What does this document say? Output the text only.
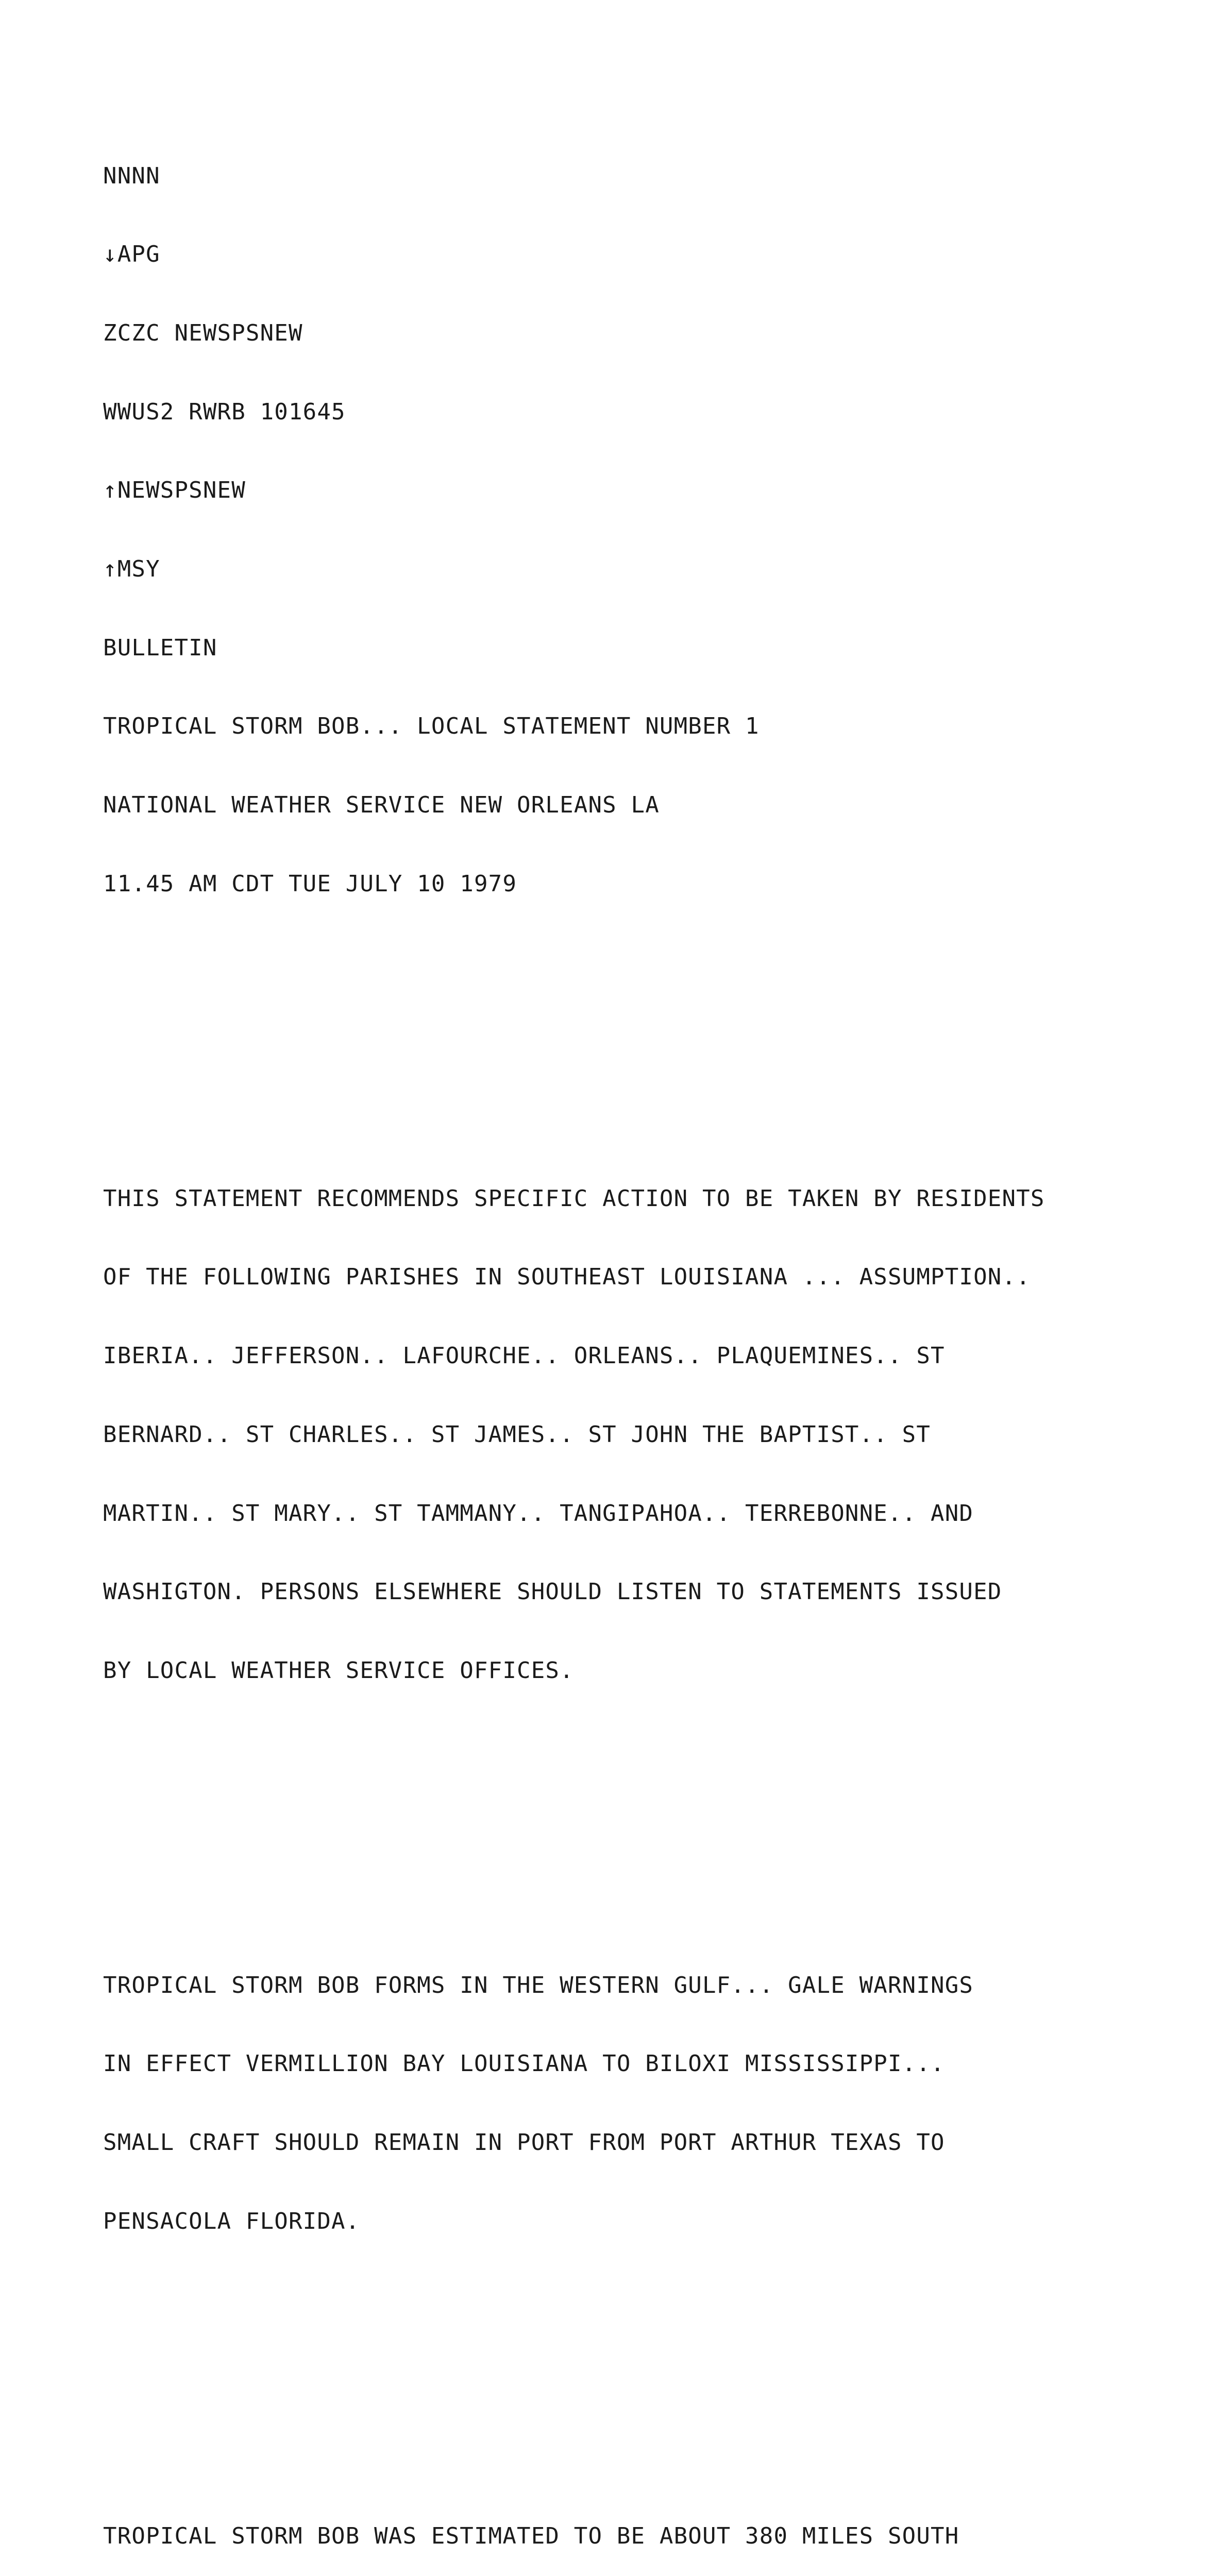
NNNN

↓APG

ZCZC NEWSPSNEW

WWUS2 RWRB 101645

↑NEWSPSNEW

↑MSY

BULLETIN

TROPICAL STORM BOB... LOCAL STATEMENT NUMBER 1

NATIONAL WEATHER SERVICE NEW ORLEANS LA

11.45 AM CDT TUE JULY 10 1979

THIS STATEMENT RECOMMENDS SPECIFIC ACTION TO BE TAKEN BY RESIDENTS

OF THE FOLLOWING PARISHES IN SOUTHEAST LOUISIANA ... ASSUMPTION..

IBERIA.. JEFFERSON.. LAFOURCHE.. ORLEANS.. PLAQUEMINES.. ST

BERNARD.. ST CHARLES.. ST JAMES.. ST JOHN THE BAPTIST.. ST

MARTIN.. ST MARY.. ST TAMMANY.. TANGIPAHOA.. TERREBONNE.. AND

WASHIGTON. PERSONS ELSEWHERE SHOULD LISTEN TO STATEMENTS ISSUED

BY LOCAL WEATHER SERVICE OFFICES.

TROPICAL STORM BOB FORMS IN THE WESTERN GULF... GALE WARNINGS

IN EFFECT VERMILLION BAY LOUISIANA TO BILOXI MISSISSIPPI...

SMALL CRAFT SHOULD REMAIN IN PORT FROM PORT ARTHUR TEXAS TO

PENSACOLA FLORIDA.

TROPICAL STORM BOB WAS ESTIMATED TO BE ABOUT 380 MILES SOUTH
